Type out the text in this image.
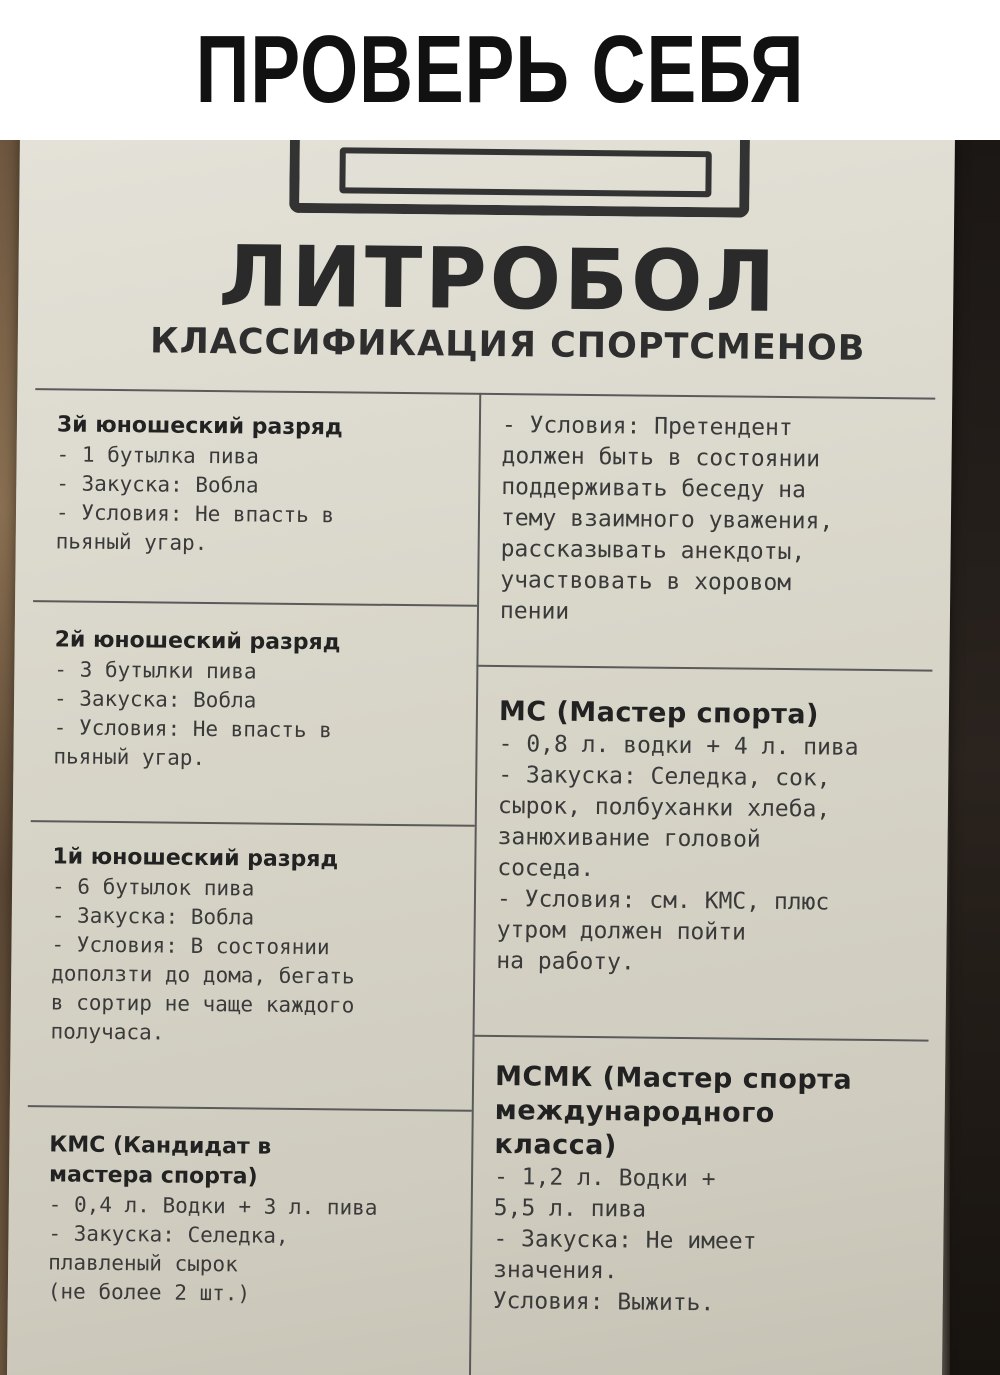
ПРОВЕРЬ СЕБЯ
ЛИТРОБОЛ
КЛАССИФИКАЦИЯ СПОРТСМЕНОВ
3й юношеский разряд
- 1 бутылка пива
- Закуска: Вобла
- Условия: Не впасть в
пьяный угар.
2й юношеский разряд
- 3 бутылки пива
- Закуска: Вобла
- Условия: Не впасть в
пьяный угар.
1й юношеский разряд
- 6 бутылок пива
- Закуска: Вобла
- Условия: В состоянии
доползти до дома, бегать
в сортир не чаще каждого
получаса.
КМС (Кандидат в
мастера спорта)
- 0,4 л. Водки + 3 л. пива
- Закуска: Селедка,
плавленый сырок
(не более 2 шт.)
- Условия: Претендент
должен быть в состоянии
поддерживать беседу на
тему взаимного уважения,
рассказывать анекдоты,
участвовать в хоровом
пении
МС (Мастер спорта)
- 0,8 л. водки + 4 л. пива
- Закуска: Селедка, сок,
сырок, полбуханки хлеба,
занюхивание головой
соседа.
- Условия: см. КМС, плюс
утром должен пойти
на работу.
МСМК (Мастер спорта
международного
класса)
- 1,2 л. Водки +
5,5 л. пива
- Закуска: Не имеет
значения.
Условия: Выжить.
